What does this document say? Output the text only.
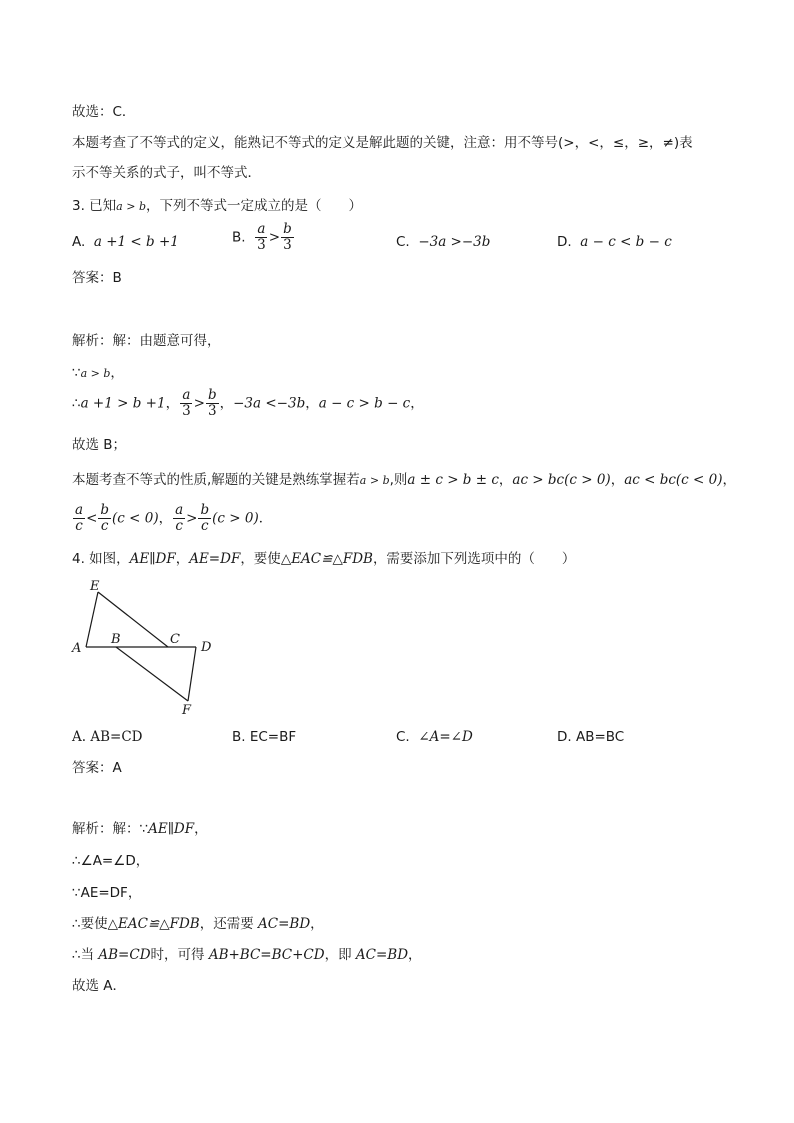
故选：C．
本题考查了不等式的定义，能熟记不等式的定义是解此题的关键，注意：用不等号(>，<，≤，≥，≠)表
示不等关系的式子，叫不等式．
3. 已知a > b，下列不等式一定成立的是（　　）
A. a +1 < b +1	B. $\frac{a}{3} > \frac{b}{3}$	C. −3a >−3b	D. a − c < b − c
答案：B
解析：解：由题意可得，
∵a > b，
∴a +1 > b +1， $\frac{a}{3} > \frac{b}{3}$ ，−3a <−3b，a − c > b − c，
故选 B；
本题考查不等式的性质,解题的关键是熟练掌握若a > b,则a ± c > b ± c，ac > bc(c > 0)，ac < bc(c < 0)，
$\frac{a}{c} < \frac{b}{c} (c < 0)$， $\frac{a}{c} > \frac{b}{c} (c > 0)$．
4. 如图，AE∥DF，AE=DF，要使△EAC≌△FDB，需要添加下列选项中的（　　）
E
A
B	C
D
F
A. AB=CD	B. EC=BF	C. ∠A=∠D	D. AB=BC
答案：A
解析：解：∵AE∥DF，
∴∠A=∠D，
∵AE=DF，
∴要使△EAC≌△FDB，还需要 AC=BD，
∴当 AB=CD时，可得 AB+BC=BC+CD，即 AC=BD，
故选 A．
